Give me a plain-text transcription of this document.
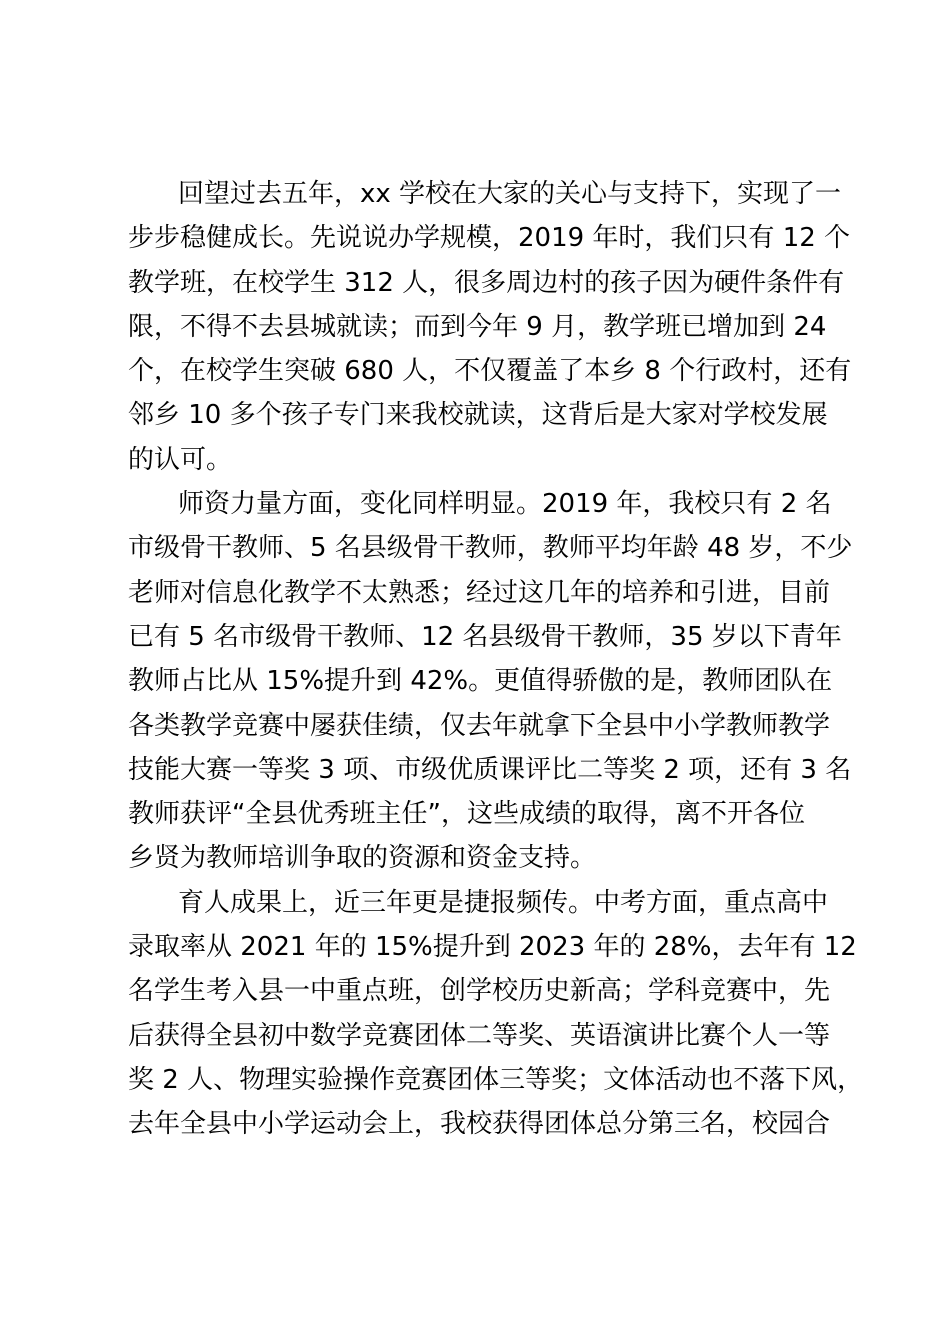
回望过去五年，xx 学校在大家的关心与支持下，实现了一
步步稳健成长。先说说办学规模，2019 年时，我们只有 12 个
教学班，在校学生 312 人，很多周边村的孩子因为硬件条件有
限，不得不去县城就读；而到今年 9 月，教学班已增加到 24
个，在校学生突破 680 人，不仅覆盖了本乡 8 个行政村，还有
邻乡 10 多个孩子专门来我校就读，这背后是大家对学校发展
的认可。
师资力量方面，变化同样明显。2019 年，我校只有 2 名
市级骨干教师、5 名县级骨干教师，教师平均年龄 48 岁，不少
老师对信息化教学不太熟悉；经过这几年的培养和引进，目前
已有 5 名市级骨干教师、12 名县级骨干教师，35 岁以下青年
教师占比从 15%提升到 42%。更值得骄傲的是，教师团队在
各类教学竞赛中屡获佳绩，仅去年就拿下全县中小学教师教学
技能大赛一等奖 3 项、市级优质课评比二等奖 2 项，还有 3 名
教师获评“全县优秀班主任”，这些成绩的取得，离不开各位
乡贤为教师培训争取的资源和资金支持。
育人成果上，近三年更是捷报频传。中考方面，重点高中
录取率从 2021 年的 15%提升到 2023 年的 28%，去年有 12
名学生考入县一中重点班，创学校历史新高；学科竞赛中，先
后获得全县初中数学竞赛团体二等奖、英语演讲比赛个人一等
奖 2 人、物理实验操作竞赛团体三等奖；文体活动也不落下风，
去年全县中小学运动会上，我校获得团体总分第三名，校园合
